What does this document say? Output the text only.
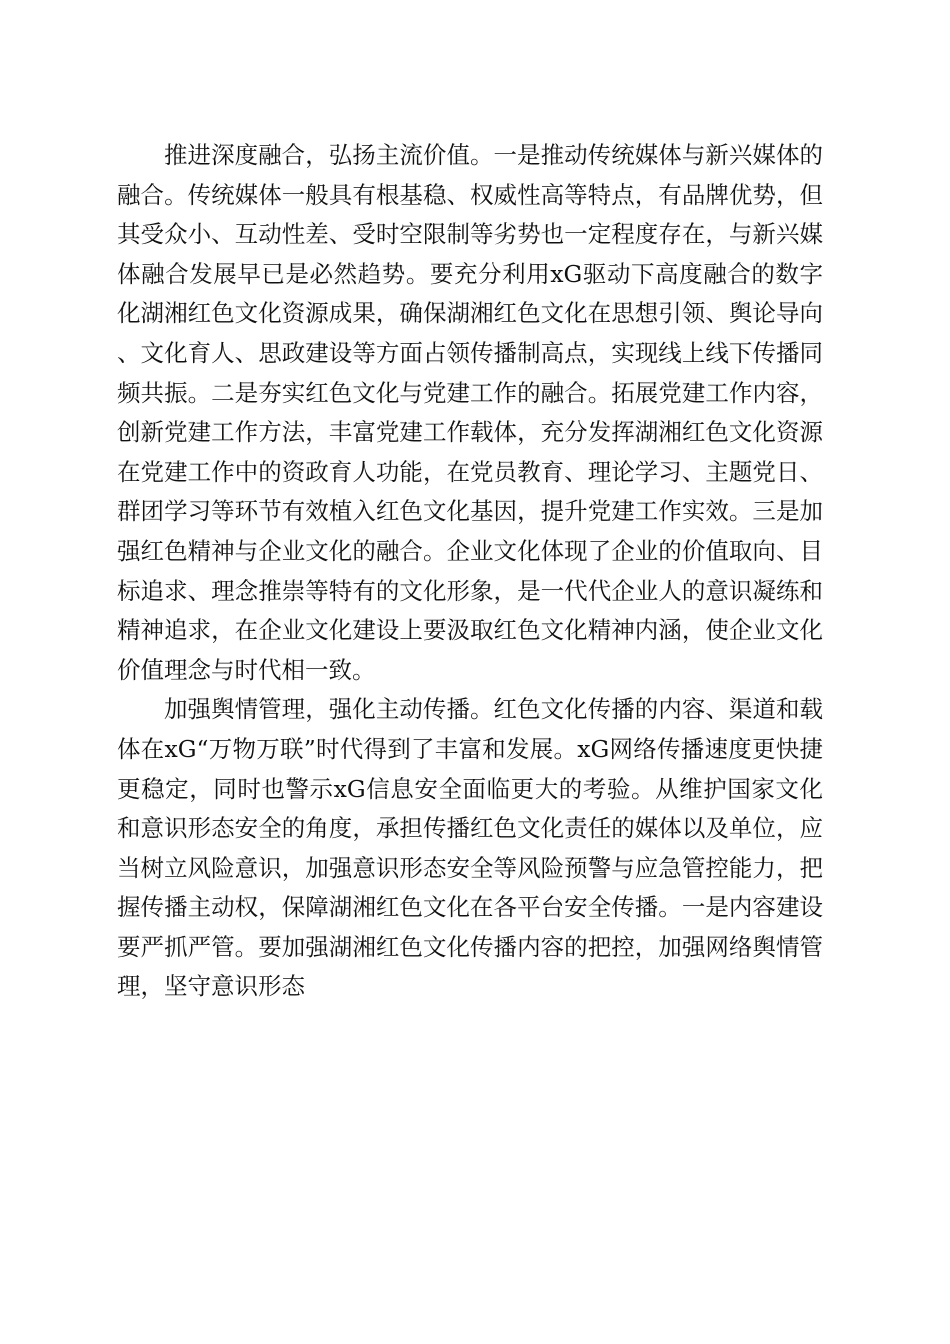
推进深度融合，弘扬主流价值。一是推动传统媒体与新兴媒体的融合。传统媒体一般具有根基稳、权威性高等特点，有品牌优势，但其受众小、互动性差、受时空限制等劣势也一定程度存在，与新兴媒体融合发展早已是必然趋势。要充分利用xG驱动下高度融合的数字化湖湘红色文化资源成果，确保湖湘红色文化在思想引领、舆论导向、文化育人、思政建设等方面占领传播制高点，实现线上线下传播同频共振。二是夯实红色文化与党建工作的融合。拓展党建工作内容，创新党建工作方法，丰富党建工作载体，充分发挥湖湘红色文化资源在党建工作中的资政育人功能，在党员教育、理论学习、主题党日、群团学习等环节有效植入红色文化基因，提升党建工作实效。三是加强红色精神与企业文化的融合。企业文化体现了企业的价值取向、目标追求、理念推崇等特有的文化形象，是一代代企业人的意识凝练和精神追求，在企业文化建设上要汲取红色文化精神内涵，使企业文化价值理念与时代相一致。

加强舆情管理，强化主动传播。红色文化传播的内容、渠道和载体在xG“万物万联”时代得到了丰富和发展。xG网络传播速度更快捷更稳定，同时也警示xG信息安全面临更大的考验。从维护国家文化和意识形态安全的角度，承担传播红色文化责任的媒体以及单位，应当树立风险意识，加强意识形态安全等风险预警与应急管控能力，把握传播主动权，保障湖湘红色文化在各平台安全传播。一是内容建设要严抓严管。要加强湖湘红色文化传播内容的把控，加强网络舆情管理，坚守意识形态
